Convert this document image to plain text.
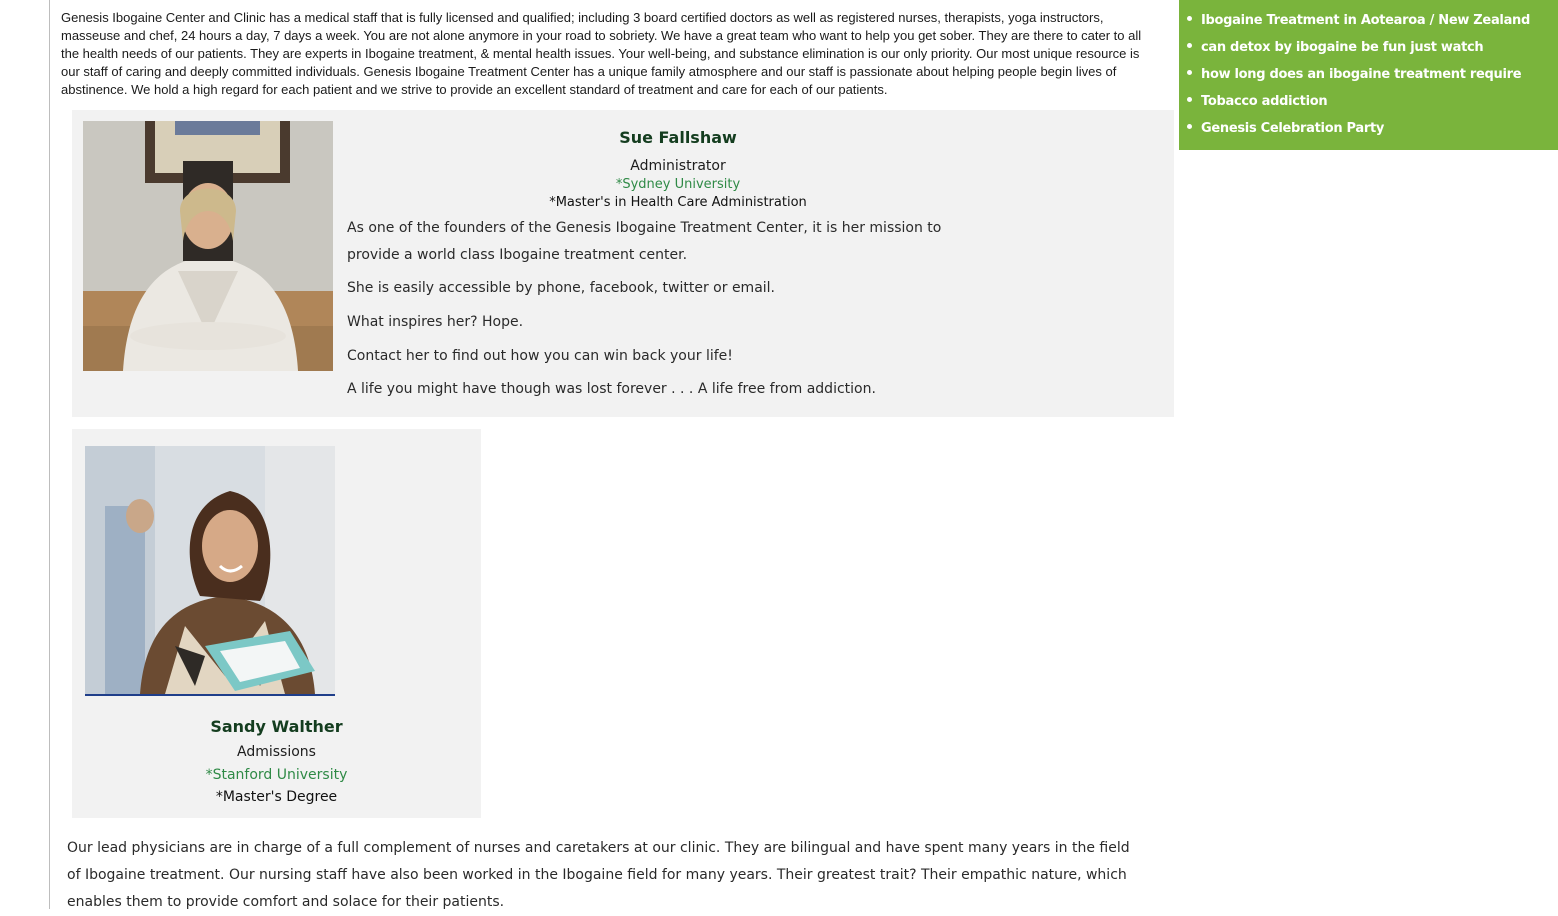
Genesis Ibogaine Center and Clinic has a medical staff that is fully licensed and qualified; including 3 board certified doctors as well as registered nurses, therapists, yoga instructors, masseuse and chef, 24 hours a day, 7 days a week. You are not alone anymore in your road to sobriety. We have a great team who want to help you get sober. They are there to cater to all the health needs of our patients. They are experts in Ibogaine treatment, & mental health issues. Your well-being, and substance elimination is our only priority. Our most unique resource is our staff of caring and deeply committed individuals. Genesis Ibogaine Treatment Center has a unique family atmosphere and our staff is passionate about helping people begin lives of abstinence. We hold a high regard for each patient and we strive to provide an excellent standard of treatment and care for each of our patients.

Ibogaine Treatment in Aotearoa / New Zealand
can detox by ibogaine be fun just watch
how long does an ibogaine treatment require
Tobacco addiction
Genesis Celebration Party
Sue Fallshaw
Administrator
*Sydney University
*Master's in Health Care Administration

As one of the founders of the Genesis Ibogaine Treatment Center, it is her mission to provide a world class Ibogaine treatment center.

She is easily accessible by phone, facebook, twitter or email.

What inspires her? Hope.

Contact her to find out how you can win back your life!

A life you might have though was lost forever . . . A life free from addiction.

Sandy Walther
Admissions
*Stanford University
*Master's Degree

Our lead physicians are in charge of a full complement of nurses and caretakers at our clinic. They are bilingual and have spent many years in the field of Ibogaine treatment. Our nursing staff have also been worked in the Ibogaine field for many years. Their greatest trait? Their empathic nature, which enables them to provide comfort and solace for their patients.
